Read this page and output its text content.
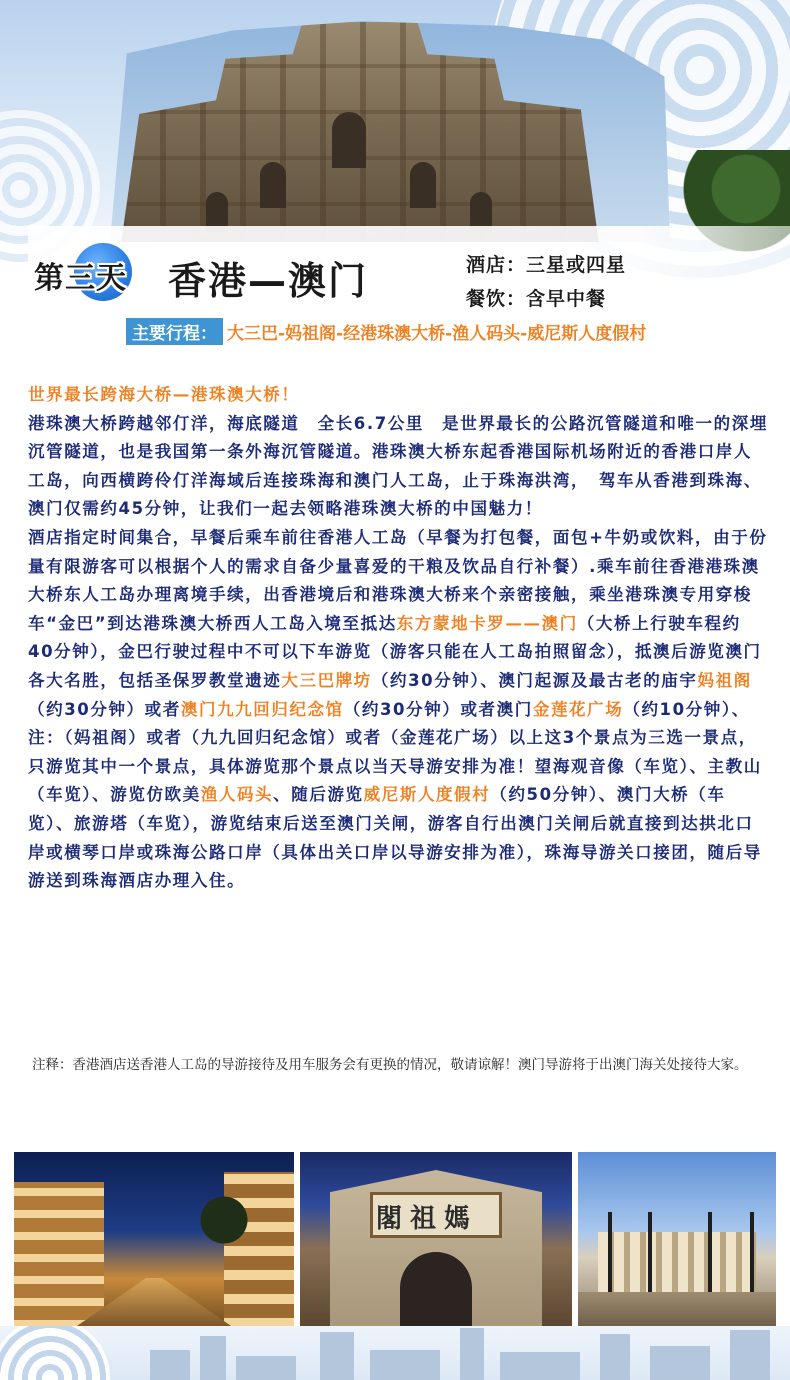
第三天 香港—澳门	酒店：三星或四星
餐饮：含早中餐
主要行程： 大三巴-妈祖阁-经港珠澳大桥-渔人码头-威尼斯人度假村

世界最长跨海大桥—港珠澳大桥！

港珠澳大桥跨越邻仃洋，海底隧道　全长6.7公里　是世界最长的公路沉管隧道和唯一的深埋沉管隧道，也是我国第一条外海沉管隧道。港珠澳大桥东起香港国际机场附近的香港口岸人工岛，向西横跨伶仃洋海域后连接珠海和澳门人工岛，止于珠海洪湾，　驾车从香港到珠海、澳门仅需约45分钟，让我们一起去领略港珠澳大桥的中国魅力！

酒店指定时间集合，早餐后乘车前往香港人工岛（早餐为打包餐，面包+牛奶或饮料，由于份量有限游客可以根据个人的需求自备少量喜爱的干粮及饮品自行补餐）.乘车前往香港港珠澳大桥东人工岛办理离境手续，出香港境后和港珠澳大桥来个亲密接触，乘坐港珠澳专用穿梭车“金巴”到达港珠澳大桥西人工岛入境至抵达东方蒙地卡罗——澳门（大桥上行驶车程约　40分钟），金巴行驶过程中不可以下车游览（游客只能在人工岛拍照留念），抵澳后游览澳门各大名胜，包括圣保罗教堂遗迹大三巴牌坊（约30分钟）、澳门起源及最古老的庙宇妈祖阁（约30分钟）或者澳门九九回归纪念馆（约30分钟）或者澳门金莲花广场（约10分钟）、注：（妈祖阁）或者（九九回归纪念馆）或者（金莲花广场）以上这3个景点为三选一景点，只游览其中一个景点，具体游览那个景点以当天导游安排为准！望海观音像（车览）、主教山（车览）、游览仿欧美渔人码头、随后游览威尼斯人度假村（约50分钟）、澳门大桥（车览）、旅游塔（车览），游览结束后送至澳门关闸，游客自行出澳门关闸后就直接到达拱北口岸或横琴口岸或珠海公路口岸（具体出关口岸以导游安排为准），珠海导游关口接团，随后导游送到珠海酒店办理入住。

注释：香港酒店送香港人工岛的导游接待及用车服务会有更换的情况，敬请谅解！澳门导游将于出澳门海关处接待大家。
閣祖媽
